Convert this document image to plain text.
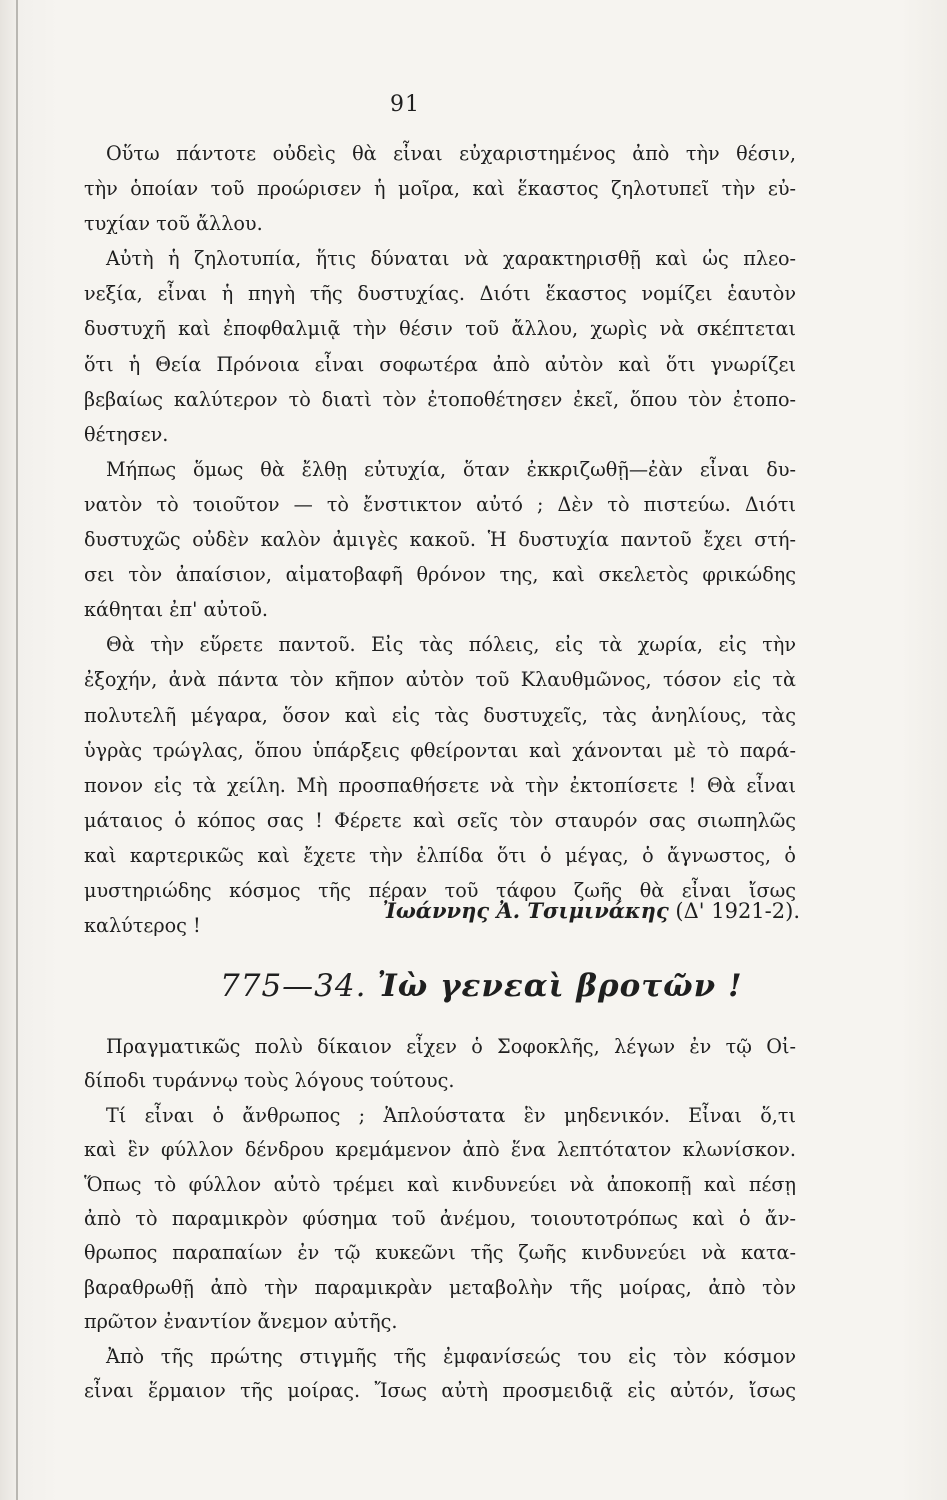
91
Οὕτω πάντοτε οὐδεὶς θὰ εἶναι εὐχαριστημένος ἀπὸ τὴν θέσιν,
τὴν ὁποίαν τοῦ προώρισεν ἡ μοῖρα, καὶ ἕκαστος ζηλοτυπεῖ τὴν εὐ-
τυχίαν τοῦ ἄλλου.
Αὐτὴ ἡ ζηλοτυπία, ἥτις δύναται νὰ χαρακτηρισθῇ καὶ ὡς πλεο-
νεξία, εἶναι ἡ πηγὴ τῆς δυστυχίας. Διότι ἕκαστος νομίζει ἑαυτὸν
δυστυχῆ καὶ ἐποφθαλμιᾷ τὴν θέσιν τοῦ ἄλλου, χωρὶς νὰ σκέπτεται
ὅτι ἡ Θεία Πρόνοια εἶναι σοφωτέρα ἀπὸ αὐτὸν καὶ ὅτι γνωρίζει
βεβαίως καλύτερον τὸ διατὶ τὸν ἐτοποθέτησεν ἐκεῖ, ὅπου τὸν ἐτοπο-
θέτησεν.
Μήπως ὅμως θὰ ἔλθῃ εὐτυχία, ὅταν ἐκκριζωθῇ—ἐὰν εἶναι δυ-
νατὸν τὸ τοιοῦτον — τὸ ἔνστικτον αὐτό ; Δὲν τὸ πιστεύω. Διότι
δυστυχῶς οὐδὲν καλὸν ἀμιγὲς κακοῦ. Ἡ δυστυχία παντοῦ ἔχει στή-
σει τὸν ἀπαίσιον, αἱματοβαφῆ θρόνον της, καὶ σκελετὸς φρικώδης
κάθηται ἐπ' αὐτοῦ.
Θὰ τὴν εὕρετε παντοῦ. Εἰς τὰς πόλεις, εἰς τὰ χωρία, εἰς τὴν
ἐξοχήν, ἀνὰ πάντα τὸν κῆπον αὐτὸν τοῦ Κλαυθμῶνος, τόσον εἰς τὰ
πολυτελῆ μέγαρα, ὅσον καὶ εἰς τὰς δυστυχεῖς, τὰς ἀνηλίους, τὰς
ὑγρὰς τρώγλας, ὅπου ὑπάρξεις φθείρονται καὶ χάνονται μὲ τὸ παρά-
πονον εἰς τὰ χείλη. Μὴ προσπαθήσετε νὰ τὴν ἐκτοπίσετε ! Θὰ εἶναι
μάταιος ὁ κόπος σας ! Φέρετε καὶ σεῖς τὸν σταυρόν σας σιωπηλῶς
καὶ καρτερικῶς καὶ ἔχετε τὴν ἐλπίδα ὅτι ὁ μέγας, ὁ ἄγνωστος, ὁ
μυστηριώδης κόσμος τῆς πέραν τοῦ τάφου ζωῆς θὰ εἶναι ἴσως
καλύτερος !
Ἰωάννης Ἀ. Τσιμινάκης (Δ' 1921-2).
775—34. Ἰὼ γενεαὶ βροτῶν !
Πραγματικῶς πολὺ δίκαιον εἶχεν ὁ Σοφοκλῆς, λέγων ἐν τῷ Οἰ-
δίποδι τυράννῳ τοὺς λόγους τούτους.
Τί εἶναι ὁ ἄνθρωπος ; Ἁπλούστατα ἓν μηδενικόν. Εἶναι ὅ,τι
καὶ ἓν φύλλον δένδρου κρεμάμενον ἀπὸ ἕνα λεπτότατον κλωνίσκον.
Ὅπως τὸ φύλλον αὐτὸ τρέμει καὶ κινδυνεύει νὰ ἀποκοπῇ καὶ πέσῃ
ἀπὸ τὸ παραμικρὸν φύσημα τοῦ ἀνέμου, τοιουτοτρόπως καὶ ὁ ἄν-
θρωπος παραπαίων ἐν τῷ κυκεῶνι τῆς ζωῆς κινδυνεύει νὰ κατα-
βαραθρωθῇ ἀπὸ τὴν παραμικρὰν μεταβολὴν τῆς μοίρας, ἀπὸ τὸν
πρῶτον ἐναντίον ἄνεμον αὐτῆς.
Ἀπὸ τῆς πρώτης στιγμῆς τῆς ἐμφανίσεώς του εἰς τὸν κόσμον
εἶναι ἕρμαιον τῆς μοίρας. Ἴσως αὐτὴ προσμειδιᾷ εἰς αὐτόν, ἴσως
